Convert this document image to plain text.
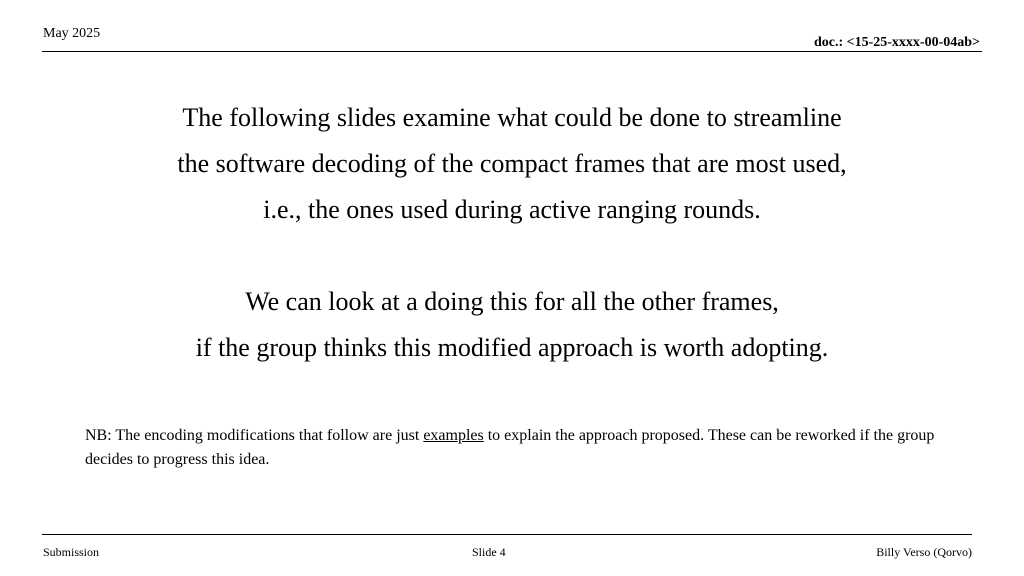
May 2025
doc.: <15-25-xxxx-00-04ab>
The following slides examine what could be done to streamline
the software decoding of the compact frames that are most used,
i.e., the ones used during active ranging rounds.
We can look at a doing this for all the other frames,
if the group thinks this modified approach is worth adopting.
NB: The encoding modifications that follow are just examples to explain the approach proposed. These can be reworked if the group decides to progress this idea.
Submission	Slide 4	Billy Verso (Qorvo)
